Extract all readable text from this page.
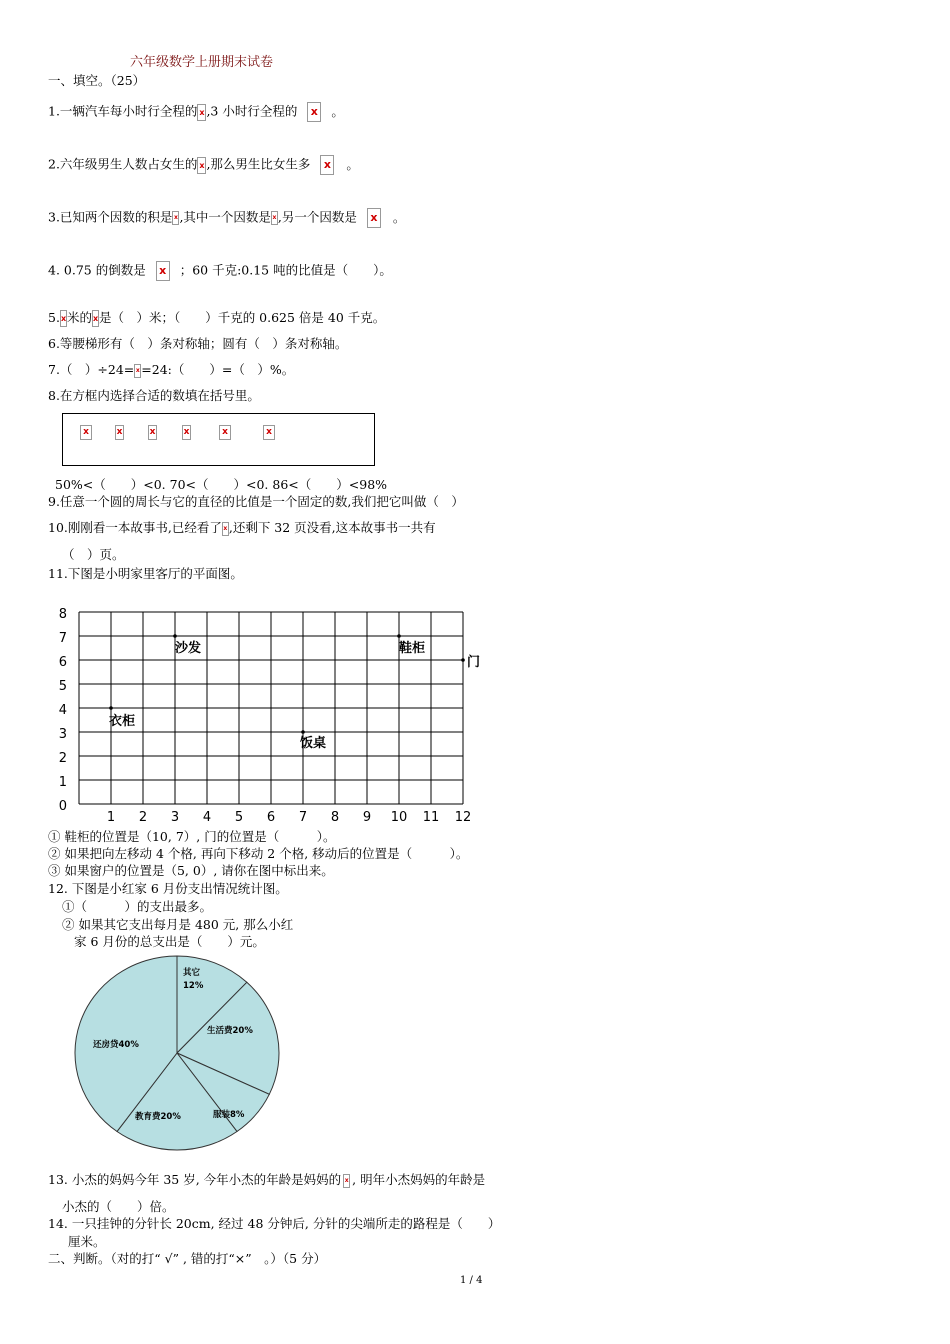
六年级数学上册期末试卷
一、填空。（25）
1.一辆汽车每小时行全程的 x ,3 小时行全程的 x 。
2.六年级男生人数占女生的 x ,那么男生比女生多 x 。
3.已知两个因数的积是 x ,其中一个因数是 x ,另一个因数是 x 。
4. 0.75 的倒数是 x ；60 千克:0.15 吨的比值是（　　）。
5.x米的x是（　）米；（　　）千克的 0.625 倍是 40 千克。
6.等腰梯形有（　）条对称轴；圆有（　）条对称轴。
7.（　）÷24= x =24:（　　）=（　）%。
8.在方框内选择合适的数填在括号里。
x	x	x	x	x	x
50%<（　　）<0. 70<（　　）<0. 86<（　　）<98%
9.任意一个圆的周长与它的直径的比值是一个固定的数,我们把它叫做（　）
10.刚刚看一本故事书,已经看了 x ,还剩下 32 页没看,这本故事书一共有
（　）页。
11.下图是小明家里客厅的平面图。
1 2 3 4 5 6 7 8 9 10 11 12
0
1
2
3
4
5
6
7
8
沙发	鞋柜
门
衣柜
饭桌
① 鞋柜的位置是（10, 7）, 门的位置是（　　　）。
② 如果把向左移动 4 个格, 再向下移动 2 个格, 移动后的位置是（　　　）。
③ 如果窗户的位置是（5, 0）, 请你在图中标出来。
12. 下图是小红家 6 月份支出情况统计图。
①（　　　）的支出最多。
② 如果其它支出每月是 480 元, 那么小红
家 6 月份的总支出是（　　）元。
其它
12%
生活费20%
服装8%
教育费20%
还房贷40%
13. 小杰的妈妈今年 35 岁, 今年小杰的年龄是妈妈的 x , 明年小杰妈妈的年龄是
小杰的（　　）倍。
14. 一只挂钟的分针长 20cm, 经过 48 分钟后, 分针的尖端所走的路程是（　　）
厘米。
二、判断。（对的打“ √” , 错的打“×”　。）（5 分）
1 / 4
